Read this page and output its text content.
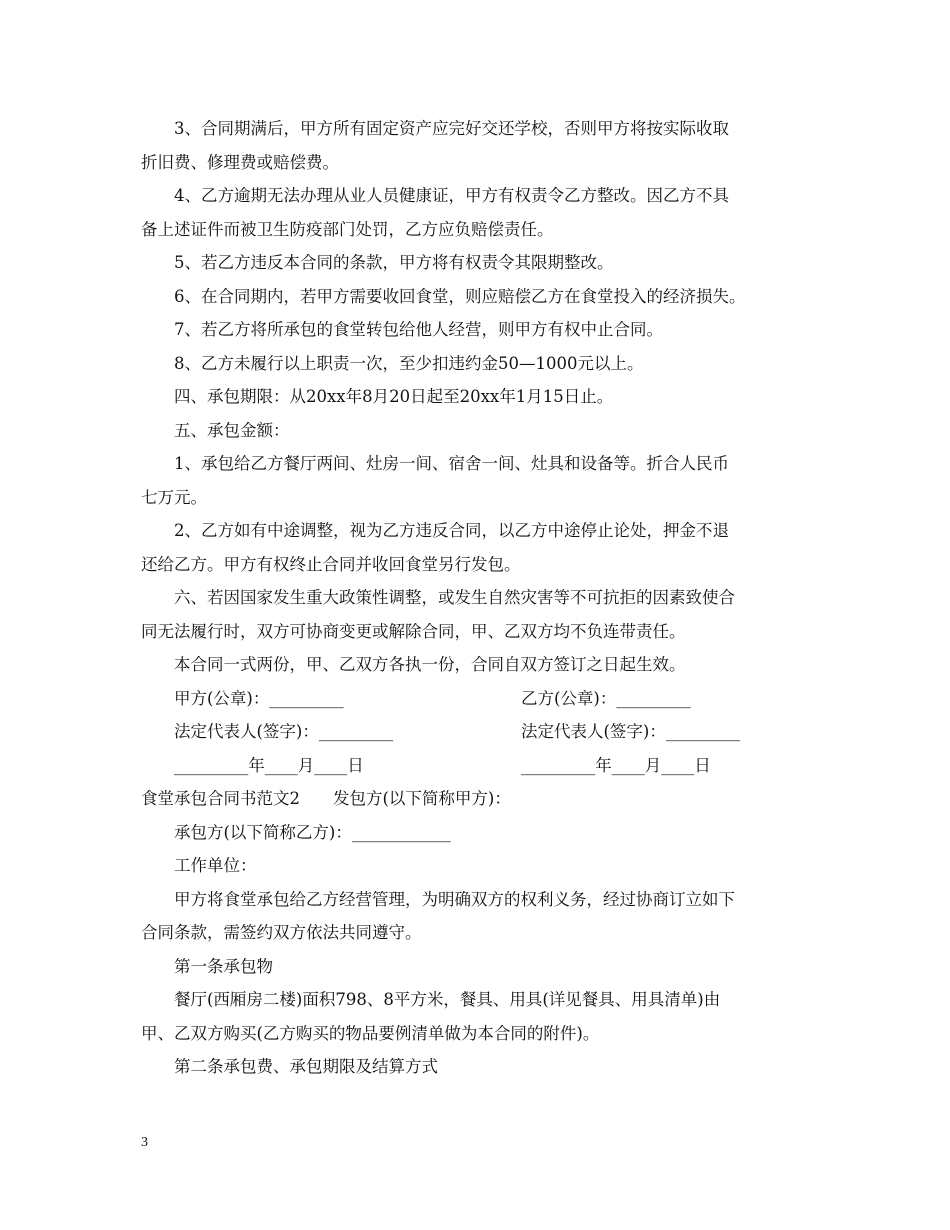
3、合同期满后，甲方所有固定资产应完好交还学校，否则甲方将按实际收取

折旧费、修理费或赔偿费。

4、乙方逾期无法办理从业人员健康证，甲方有权责令乙方整改。因乙方不具

备上述证件而被卫生防疫部门处罚，乙方应负赔偿责任。

5、若乙方违反本合同的条款，甲方将有权责令其限期整改。

6、在合同期内，若甲方需要收回食堂，则应赔偿乙方在食堂投入的经济损失。

7、若乙方将所承包的食堂转包给他人经营，则甲方有权中止合同。

8、乙方未履行以上职责一次，至少扣违约金50—1000元以上。

四、承包期限：从20xx年8月20日起至20xx年1月15日止。

五、承包金额：

1、承包给乙方餐厅两间、灶房一间、宿舍一间、灶具和设备等。折合人民币

七万元。

2、乙方如有中途调整，视为乙方违反合同，以乙方中途停止论处，押金不退

还给乙方。甲方有权终止合同并收回食堂另行发包。

六、若因国家发生重大政策性调整，或发生自然灾害等不可抗拒的因素致使合

同无法履行时，双方可协商变更或解除合同，甲、乙双方均不负连带责任。

本合同一式两份，甲、乙双方各执一份，合同自双方签订之日起生效。

甲方(公章)：_________	乙方(公章)：_________
法定代表人(签字)：_________	法定代表人(签字)：_________
_________年____月____日	_________年____月____日

食堂承包合同书范文2　　发包方(以下简称甲方)：

承包方(以下简称乙方)：____________

工作单位：

甲方将食堂承包给乙方经营管理，为明确双方的权利义务，经过协商订立如下

合同条款，需签约双方依法共同遵守。

第一条承包物

餐厅(西厢房二楼)面积798、8平方米，餐具、用具(详见餐具、用具清单)由

甲、乙双方购买(乙方购买的物品要例清单做为本合同的附件)。

第二条承包费、承包期限及结算方式

3
